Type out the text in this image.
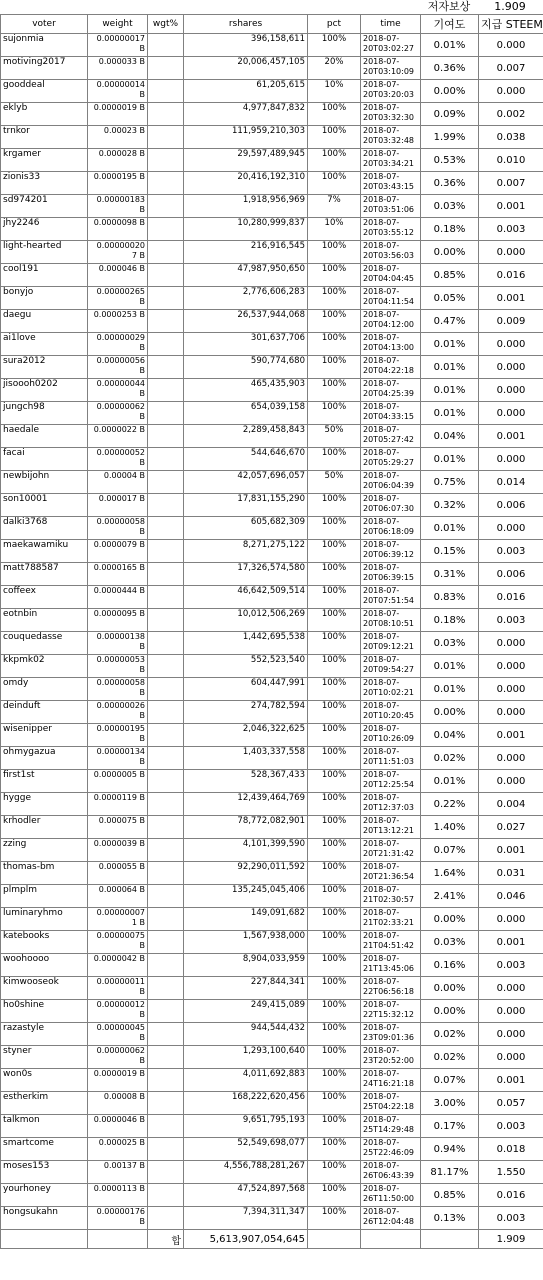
저자보상	1.909
voter	weight	wgt%	rshares	pct	time	기여도	지급 STEEM
sujonmia	0.00000017 B		396,158,611	100%	2018-07-20T03:02:27	0.01%	0.000
motiving2017	0.000033 B		20,006,457,105	20%	2018-07-20T03:10:09	0.36%	0.007
gooddeal	0.00000014 B		61,205,615	10%	2018-07-20T03:20:03	0.00%	0.000
eklyb	0.0000019 B		4,977,847,832	100%	2018-07-20T03:32:30	0.09%	0.002
trnkor	0.00023 B		111,959,210,303	100%	2018-07-20T03:32:48	1.99%	0.038
krgamer	0.000028 B		29,597,489,945	100%	2018-07-20T03:34:21	0.53%	0.010
zionis33	0.0000195 B		20,416,192,310	100%	2018-07-20T03:43:15	0.36%	0.007
sd974201	0.00000183 B		1,918,956,969	7%	2018-07-20T03:51:06	0.03%	0.001
jhy2246	0.0000098 B		10,280,999,837	10%	2018-07-20T03:55:12	0.18%	0.003
light-hearted	0.00000020 7 B		216,916,545	100%	2018-07-20T03:56:03	0.00%	0.000
cool191	0.000046 B		47,987,950,650	100%	2018-07-20T04:04:45	0.85%	0.016
bonyjo	0.00000265 B		2,776,606,283	100%	2018-07-20T04:11:54	0.05%	0.001
daegu	0.0000253 B		26,537,944,068	100%	2018-07-20T04:12:00	0.47%	0.009
ai1love	0.00000029 B		301,637,706	100%	2018-07-20T04:13:00	0.01%	0.000
sura2012	0.00000056 B		590,774,680	100%	2018-07-20T04:22:18	0.01%	0.000
jisoooh0202	0.00000044 B		465,435,903	100%	2018-07-20T04:25:39	0.01%	0.000
jungch98	0.00000062 B		654,039,158	100%	2018-07-20T04:33:15	0.01%	0.000
haedale	0.0000022 B		2,289,458,843	50%	2018-07-20T05:27:42	0.04%	0.001
facai	0.00000052 B		544,646,670	100%	2018-07-20T05:29:27	0.01%	0.000
newbijohn	0.00004 B		42,057,696,057	50%	2018-07-20T06:04:39	0.75%	0.014
son10001	0.000017 B		17,831,155,290	100%	2018-07-20T06:07:30	0.32%	0.006
dalki3768	0.00000058 B		605,682,309	100%	2018-07-20T06:18:09	0.01%	0.000
maekawamiku	0.0000079 B		8,271,275,122	100%	2018-07-20T06:39:12	0.15%	0.003
matt788587	0.0000165 B		17,326,574,580	100%	2018-07-20T06:39:15	0.31%	0.006
coffeex	0.0000444 B		46,642,509,514	100%	2018-07-20T07:51:54	0.83%	0.016
eotnbin	0.0000095 B		10,012,506,269	100%	2018-07-20T08:10:51	0.18%	0.003
couquedasse	0.00000138 B		1,442,695,538	100%	2018-07-20T09:12:21	0.03%	0.000
kkpmk02	0.00000053 B		552,523,540	100%	2018-07-20T09:54:27	0.01%	0.000
omdy	0.00000058 B		604,447,991	100%	2018-07-20T10:02:21	0.01%	0.000
deinduft	0.00000026 B		274,782,594	100%	2018-07-20T10:20:45	0.00%	0.000
wisenipper	0.00000195 B		2,046,322,625	100%	2018-07-20T10:26:09	0.04%	0.001
ohmygazua	0.00000134 B		1,403,337,558	100%	2018-07-20T11:51:03	0.02%	0.000
first1st	0.0000005 B		528,367,433	100%	2018-07-20T12:25:54	0.01%	0.000
hygge	0.0000119 B		12,439,464,769	100%	2018-07-20T12:37:03	0.22%	0.004
krhodler	0.000075 B		78,772,082,901	100%	2018-07-20T13:12:21	1.40%	0.027
zzing	0.0000039 B		4,101,399,590	100%	2018-07-20T21:31:42	0.07%	0.001
thomas-bm	0.000055 B		92,290,011,592	100%	2018-07-20T21:36:54	1.64%	0.031
plmplm	0.000064 B		135,245,045,406	100%	2018-07-21T02:30:57	2.41%	0.046
luminaryhmo	0.00000007 1 B		149,091,682	100%	2018-07-21T02:33:21	0.00%	0.000
katebooks	0.00000075 B		1,567,938,000	100%	2018-07-21T04:51:42	0.03%	0.001
woohoooo	0.0000042 B		8,904,033,959	100%	2018-07-21T13:45:06	0.16%	0.003
kimwooseok	0.00000011 B		227,844,341	100%	2018-07-22T06:56:18	0.00%	0.000
ho0shine	0.00000012 B		249,415,089	100%	2018-07-22T15:32:12	0.00%	0.000
razastyle	0.00000045 B		944,544,432	100%	2018-07-23T09:01:36	0.02%	0.000
styner	0.00000062 B		1,293,100,640	100%	2018-07-23T20:52:00	0.02%	0.000
won0s	0.0000019 B		4,011,692,883	100%	2018-07-24T16:21:18	0.07%	0.001
estherkim	0.00008 B		168,222,620,456	100%	2018-07-25T04:22:18	3.00%	0.057
talkmon	0.0000046 B		9,651,795,193	100%	2018-07-25T14:29:48	0.17%	0.003
smartcome	0.000025 B		52,549,698,077	100%	2018-07-25T22:46:09	0.94%	0.018
moses153	0.00137 B		4,556,788,281,267	100%	2018-07-26T06:43:39	81.17%	1.550
yourhoney	0.0000113 B		47,524,897,568	100%	2018-07-26T11:50:00	0.85%	0.016
hongsukahn	0.00000176 B		7,394,311,347	100%	2018-07-26T12:04:48	0.13%	0.003
		합	5,613,907,054,645				1.909
